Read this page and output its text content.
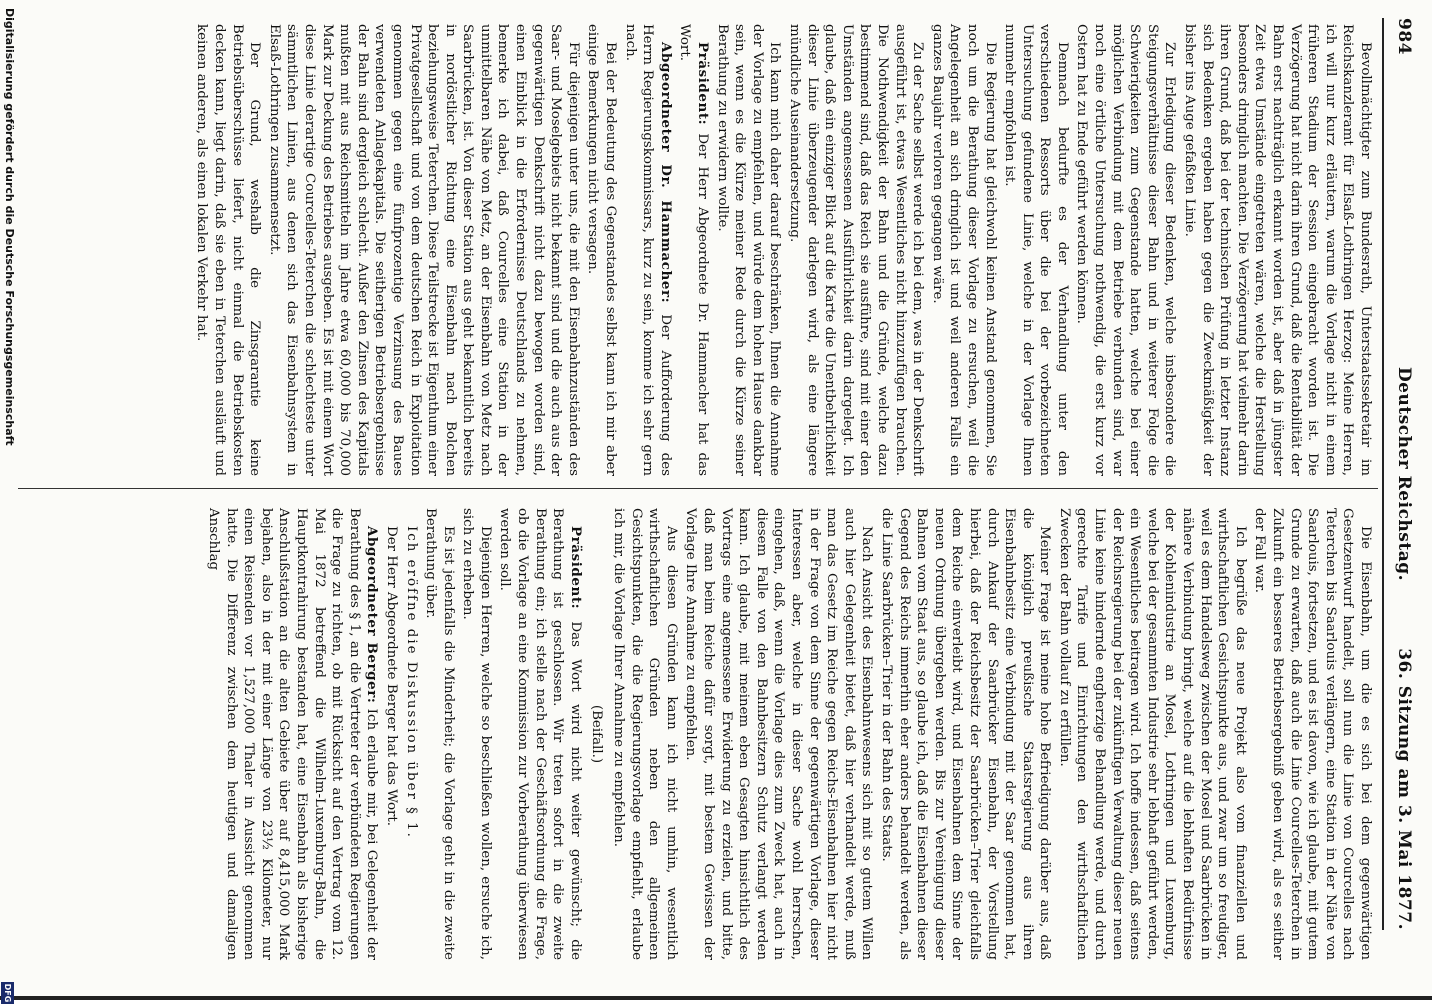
984
Deutscher Reichstag.
36. Sitzung am 3. Mai 1877.

Bevollmächtigter zum Bundesrath, Unterstaatssekretair im Reichskanzleramt für Elsaß-Lothringen Herzog: Meine Herren, ich will nur kurz erläutern, warum die Vorlage nicht in einem früheren Stadium der Session eingebracht worden ist. Die Verzögerung hat nicht darin ihren Grund, daß die Rentabilität der Bahn erst nachträglich erkannt worden ist, aber daß in jüngster Zeit etwa Umstände eingetreten wären, welche die Herstellung besonders dringlich machten. Die Verzögerung hat vielmehr darin ihren Grund, daß bei der technischen Prüfung in letzter Instanz sich Bedenken ergeben haben gegen die Zweckmäßigkeit der bisher ins Auge gefaßten Linie.

Zur Erledigung dieser Bedenken, welche insbesondere die Steigungsverhältnisse dieser Bahn und in weiterer Folge die Schwierigkeiten zum Gegenstande hatten, welche bei einer möglichen Verbindung mit dem Betriebe verbunden sind, war noch eine örtliche Untersuchung nothwendig, die erst kurz vor Ostern hat zu Ende geführt werden können.

Demnach bedurfte es der Verhandlung unter den verschiedenen Ressorts über die bei der vorbezeichneten Untersuchung gefundene Linie, welche in der Vorlage Ihnen nunmehr empfohlen ist.

Die Regierung hat gleichwohl keinen Anstand genommen, Sie noch um die Berathung dieser Vorlage zu ersuchen, weil die Angelegenheit an sich dringlich ist und weil anderen Falls ein ganzes Baujahr verloren gegangen wäre.

Zu der Sache selbst werde ich bei dem, was in der Denkschrift ausgeführt ist, etwas Wesentliches nicht hinzuzufügen brauchen. Die Nothwendigkeit der Bahn und die Gründe, welche dazu bestimmend sind, daß das Reich sie ausführe, sind mit einer den Umständen angemessenen Ausführlichkeit darin dargelegt. Ich glaube, daß ein einziger Blick auf die Karte die Unentbehrlichkeit dieser Linie überzeugender darlegen wird, als eine längere mündliche Auseinandersetzung.

Ich kann mich daher darauf beschränken, Ihnen die Annahme der Vorlage zu empfehlen, und würde dem hohen Hause dankbar sein, wenn es die Kürze meiner Rede durch die Kürze seiner Berathung zu erwidern wollte.

Präsident: Der Herr Abgeordnete Dr. Hammacher hat das Wort.

Abgeordneter Dr. Hammacher: Der Aufforderung des Herrn Regierungskommissars, kurz zu sein, komme ich sehr gern nach.

Bei der Bedeutung des Gegenstandes selbst kann ich mir aber einige Bemerkungen nicht versagen.

Für diejenigen unter uns, die mit den Eisenbahnzuständen des Saar- und Moselgebiets nicht bekannt sind und die auch aus der gegenwärtigen Denkschrift nicht dazu bewogen worden sind, einen Einblick in die Erfordernisse Deutschlands zu nehmen, bemerke ich dabei, daß Courcelles eine Station in der unmittelbaren Nähe von Metz, an der Eisenbahn von Metz nach Saarbrücken, ist. Von dieser Station aus geht bekanntlich bereits in nordöstlicher Richtung eine Eisenbahn nach Bolchen beziehungsweise Teterchen. Diese Teilstrecke ist Eigenthum einer Privatgesellschaft und von dem deutschen Reich in Exploitation genommen gegen eine fünfprozentige Verzinsung des Baues verwendeten Anlagekapitals. Die seitherigen Betriebsergebnisse der Bahn sind dergleich schlecht. Außer den Zinsen des Kapitals mußten mit aus Reichsmitteln im Jahre etwa 60,000 bis 70,000 Mark zur Deckung des Betriebes ausgeben. Es ist mit einem Wort diese Linie derartige Courcelles-Teterchen die schlechteste unter sämmtlichen Linien, aus denen sich das Eisenbahnsystem in Elsaß-Lothringen zusammensetzt.

Der Grund, weshalb die Zinsgarantie keine Betriebsüberschüsse liefert, nicht einmal die Betriebskosten decken kann, liegt darin, daß sie eben in Teterchen ausläuft und keinen anderen, als einen lokalen Verkehr hat.

Die Eisenbahn, um die es sich bei dem gegenwärtigen Gesetzentwurf handelt, soll nun die Linie von Courcelles nach Teterchen bis Saarlouis verlängern, eine Station in der Nähe von Saarlouis, fortsetzen, und es ist davon, wie ich glaube, mit gutem Grunde zu erwarten, daß auch die Linie Courcelles-Teterchen in Zukunft ein besseres Betriebsergebniß geben wird, als es seither der Fall war.

Ich begrüße das neue Projekt also vom finanziellen und wirthschaftlichen Gesichtspunkte aus, und zwar um so freudiger, weil es dem Handelsweg zwischen der Mosel und Saarbrücken in nähere Verbindung bringt, welche auf die lebhaften Bedürfnisse der Kohlenindustrie an Mosel, Lothringen und Luxemburg, welche bei der gesammten Industrie sehr lebhaft geführt werden, ein Wesentliches beitragen wird. Ich hoffe indessen, daß seitens der Reichsregierung bei der zukünftigen Verwaltung dieser neuen Linie keine hindernde engherzige Behandlung werde, und durch gerechte Tarife und Einrichtungen den wirthschaftlichen Zwecken der Bahn vollauf zu erfüllen.

Meiner Frage ist meine hohe Befriedigung darüber aus, daß die königlich preußische Staatsregierung aus ihren Eisenbahnbesitz eine Verbindung mit der Saar genommen hat, durch Ankauf der Saarbrücker Eisenbahn, der Vorstellung hierbei, daß der Reichsbesitz der Saarbrücken–Trier gleichfalls dem Reiche einverleibt wird, und Eisenbahnen dem Sinne der neuen Ordnung übergeben werden. Bis zur Vereinigung dieser Bahnen vom Staat aus, so glaube ich, daß die Eisenbahnen dieser Gegend des Reichs immerhin eher anders behandelt werden, als die Linie Saarbrücken–Trier in der Bahn des Staats.

Nach Ansicht des Eisenbahnwesens sich mit so gutem Willen auch hier Gelegenheit bietet, daß hier verhandelt werde, muß man das Gesetz im Reiche gegen Reichs-Eisenbahnen hier nicht in der Frage von dem Sinne der gegenwärtigen Vorlage, dieser Interessen aber, welche in dieser Sache wohl herrschen, eingehen, daß, wenn die Vorlage dies zum Zweck hat, auch in diesem Falle von den Bahnbesitzern Schutz verlangt werden kann. Ich glaube, mit meinem eben Gesagten hinsichtlich des Vortrags eine angemessene Erwiderung zu erzielen, und bitte, daß man beim Reiche dafür sorgt, mit bestem Gewissen der Vorlage Ihre Annahme zu empfehlen.

Aus diesen Gründen kann ich nicht umhin, wesentlich wirthschaftlichen Gründen neben den allgemeinen Gesichtspunkten, die die Regierungsvorlage empfiehlt, erlaube ich mir, die Vorlage Ihrer Annahme zu empfehlen.

(Beifall.)

Präsident: Das Wort wird nicht weiter gewünscht; die Berathung ist geschlossen. Wir treten sofort in die zweite Berathung ein; ich stelle nach der Geschäftsordnung die Frage, ob die Vorlage an eine Kommission zur Vorberathung überwiesen werden soll.

Diejenigen Herren, welche so beschließen wollen, ersuche ich, sich zu erheben.

Es ist jedenfalls die Minderheit; die Vorlage geht in die zweite Berathung über.

Ich eröffne die Diskussion über § 1.

Der Herr Abgeordnete Berger hat das Wort.

Abgeordneter Berger: Ich erlaube mir, bei Gelegenheit der Berathung des § 1, an die Vertreter der verbündeten Regierungen die Frage zu richten, ob mit Rücksicht auf den Vertrag vom 12. Mai 1872 betreffend die Wilhelm-Luxemburg-Bahn, die Hauptkontrahirung bestanden hat, eine Eisenbahn als bisherige Anschlußstation an die alten Gebiete über auf 8,415,000 Mark bejahen, also in der mit einer Länge von 23½ Kilometer, nur einen Reisenden vor 1,527,000 Thaler in Aussicht genommen hatte. Die Differenz zwischen dem heutigen und damaligen Anschlag

Digitalisierung gefördert durch die Deutsche Forschungsgemeinschaft
DFG
